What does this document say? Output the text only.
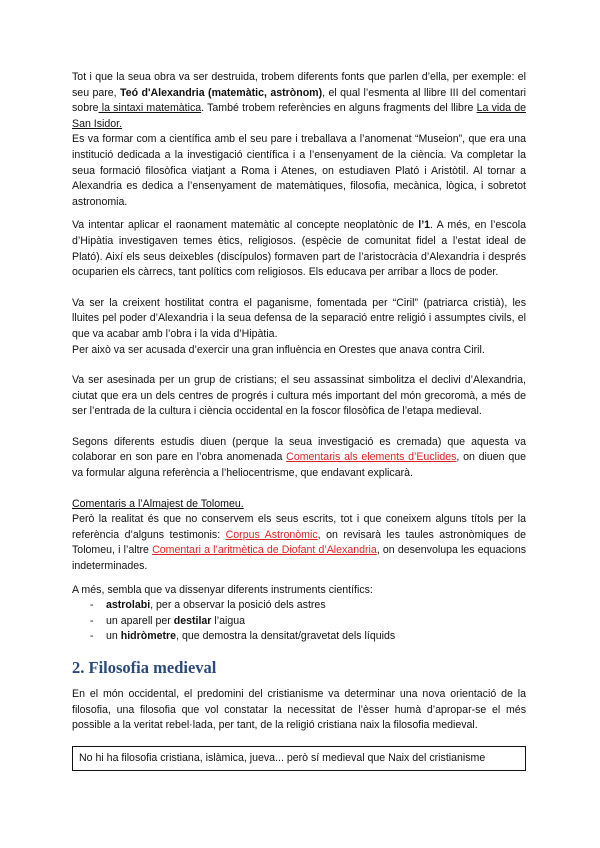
Tot i que la seua obra va ser destruida, trobem diferents fonts que parlen d’ella, per exemple: el seu pare, Teó d'Alexandria (matemàtic, astrònom), el qual l’esmenta al llibre III del comentari sobre la sintaxi matemàtica. També trobem referències en alguns fragments del llibre La vida de San Isidor.

Es va formar com a científica amb el seu pare i treballava a l’anomenat “Museion”, que era una institució dedicada a la investigació científica i a l’ensenyament de la ciència. Va completar la seua formació filosòfica viatjant a Roma i Atenes, on estudiaven Plató i Aristòtil. Al tornar a Alexandria es dedica a l’ensenyament de matemàtiques, filosofia, mecànica, lògica, i sobretot astronomia.

Va intentar aplicar el raonament matemàtic al concepte neoplatònic de l’1. A més, en l’escola d’Hipàtia investigaven temes ètics, religiosos. (espècie de comunitat fidel a l’estat ideal de Plató). Així els seus deixebles (discípulos) formaven part de l’aristocràcia d’Alexandria i després ocuparien els càrrecs, tant polítics com religiosos. Els educava per arribar a llocs de poder.

Va ser la creixent hostilitat contra el paganisme, fomentada per “Ciril” (patriarca cristià), les lluites pel poder d’Alexandria i la seua defensa de la separació entre religió i assumptes civils, el que va acabar amb l’obra i la vida d’Hipàtia.

Per això va ser acusada d’exercir una gran influència en Orestes que anava contra Ciril.

Va ser asesinada per un grup de cristians; el seu assassinat simbolitza el declivi d’Alexandria, ciutat que era un dels centres de progrés i cultura més important del món grecoromà, a més de ser l’entrada de la cultura i ciència occidental en la foscor filosòfica de l’etapa medieval.

Segons diferents estudis diuen (perque la seua investigació es cremada) que aquesta va colaborar en son pare en l’obra anomenada Comentaris als elements d’Euclides, on diuen que va formular alguna referència a l’heliocentrisme, que endavant explicarà.

Comentaris a l’Almajest de Tolomeu.

Però la realitat és que no conservem els seus escrits, tot i que coneixem alguns títols per la referència d’alguns testimonis: Corpus Astronòmic, on revisarà les taules astronòmiques de Tolomeu, i l’altre Comentari a l’aritmètica de Diofant d’Alexandria, on desenvolupa les equacions indeterminades.

A més, sembla que va dissenyar diferents instruments científics:

- astrolabi, per a observar la posició dels astres
- un aparell per destilar l’aigua
- un hidròmetre, que demostra la densitat/gravetat dels líquids
2. Filosofia medieval

En el món occidental, el predomini del cristianisme va determinar una nova orientació de la filosofia, una filosofia que vol constatar la necessitat de l’èsser humà d’apropar-se el més possible a la veritat rebel·lada, per tant, de la religió cristiana naix la filosofia medieval.

No hi ha filosofia cristiana, islàmica, jueva... però sí medieval que Naix del cristianisme
